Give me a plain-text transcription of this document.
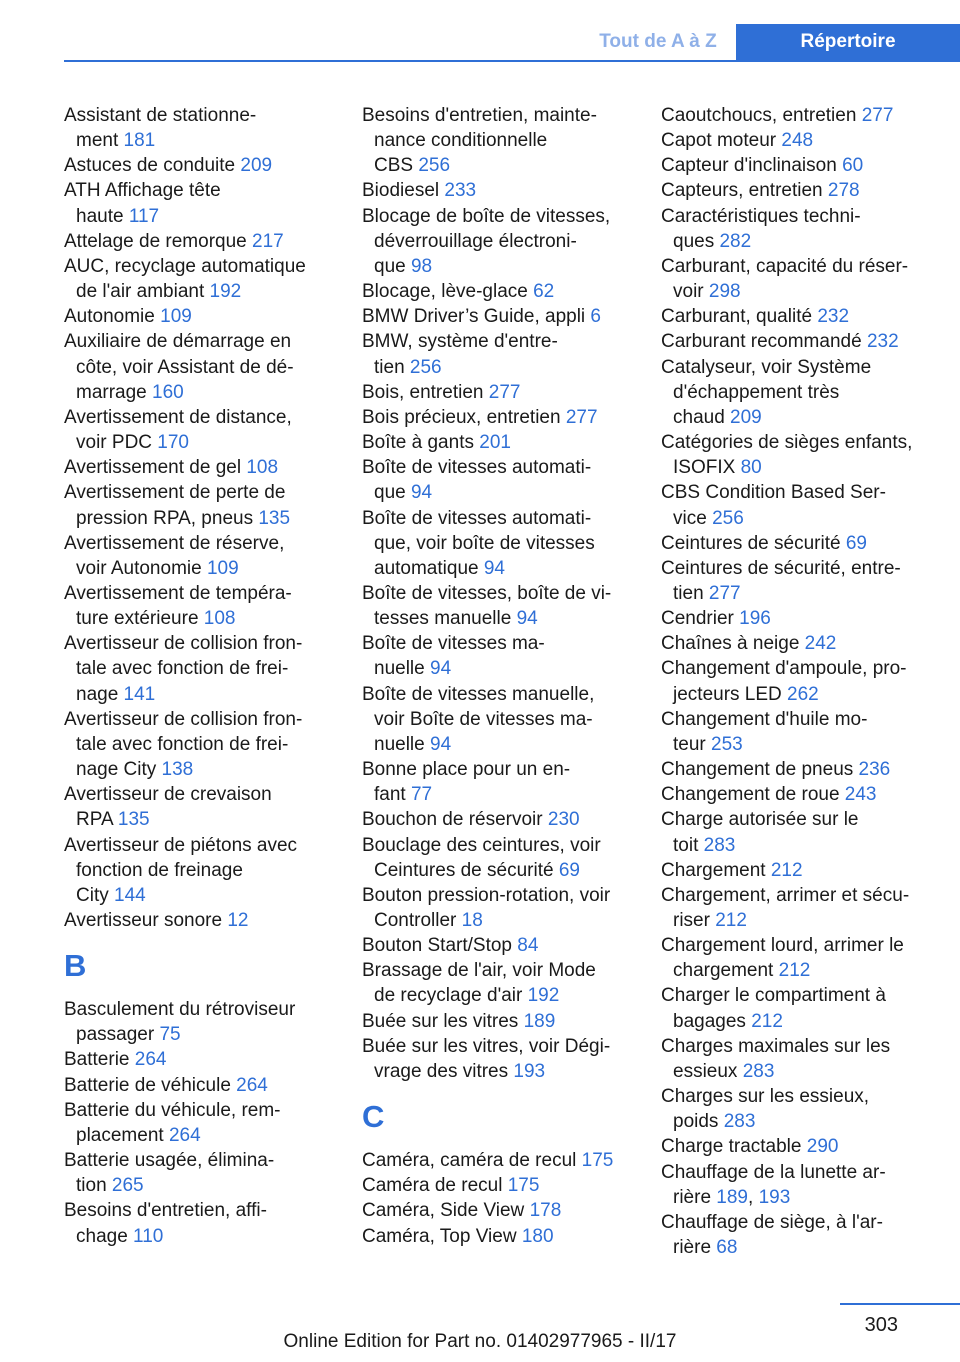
Tout de A à Z	Répertoire
Assistant de stationne-
ment 181
Astuces de conduite 209
ATH Affichage tête
haute 117
Attelage de remorque 217
AUC, recyclage automatique
de l'air ambiant 192
Autonomie 109
Auxiliaire de démarrage en
côte, voir Assistant de dé-
marrage 160
Avertissement de distance,
voir PDC 170
Avertissement de gel 108
Avertissement de perte de
pression RPA, pneus 135
Avertissement de réserve,
voir Autonomie 109
Avertissement de tempéra-
ture extérieure 108
Avertisseur de collision fron-
tale avec fonction de frei-
nage 141
Avertisseur de collision fron-
tale avec fonction de frei-
nage City 138
Avertisseur de crevaison
RPA 135
Avertisseur de piétons avec
fonction de freinage
City 144
Avertisseur sonore 12
B
Basculement du rétroviseur
passager 75
Batterie 264
Batterie de véhicule 264
Batterie du véhicule, rem-
placement 264
Batterie usagée, élimina-
tion 265
Besoins d'entretien, affi-
chage 110
Besoins d'entretien, mainte-
nance conditionnelle
CBS 256
Biodiesel 233
Blocage de boîte de vitesses,
déverrouillage électroni-
que 98
Blocage, lève-glace 62
BMW Driver’s Guide, appli 6
BMW, système d'entre-
tien 256
Bois, entretien 277
Bois précieux, entretien 277
Boîte à gants 201
Boîte de vitesses automati-
que 94
Boîte de vitesses automati-
que, voir boîte de vitesses
automatique 94
Boîte de vitesses, boîte de vi-
tesses manuelle 94
Boîte de vitesses ma-
nuelle 94
Boîte de vitesses manuelle,
voir Boîte de vitesses ma-
nuelle 94
Bonne place pour un en-
fant 77
Bouchon de réservoir 230
Bouclage des ceintures, voir
Ceintures de sécurité 69
Bouton pression-rotation, voir
Controller 18
Bouton Start/Stop 84
Brassage de l'air, voir Mode
de recyclage d'air 192
Buée sur les vitres 189
Buée sur les vitres, voir Dégi-
vrage des vitres 193
C
Caméra, caméra de recul 175
Caméra de recul 175
Caméra, Side View 178
Caméra, Top View 180
Caoutchoucs, entretien 277
Capot moteur 248
Capteur d'inclinaison 60
Capteurs, entretien 278
Caractéristiques techni-
ques 282
Carburant, capacité du réser-
voir 298
Carburant, qualité 232
Carburant recommandé 232
Catalyseur, voir Système
d'échappement très
chaud 209
Catégories de sièges enfants,
ISOFIX 80
CBS Condition Based Ser-
vice 256
Ceintures de sécurité 69
Ceintures de sécurité, entre-
tien 277
Cendrier 196
Chaînes à neige 242
Changement d'ampoule, pro-
jecteurs LED 262
Changement d'huile mo-
teur 253
Changement de pneus 236
Changement de roue 243
Charge autorisée sur le
toit 283
Chargement 212
Chargement, arrimer et sécu-
riser 212
Chargement lourd, arrimer le
chargement 212
Charger le compartiment à
bagages 212
Charges maximales sur les
essieux 283
Charges sur les essieux,
poids 283
Charge tractable 290
Chauffage de la lunette ar-
rière 189, 193
Chauffage de siège, à l'ar-
rière 68
303
Online Edition for Part no. 01402977965 - II/17
